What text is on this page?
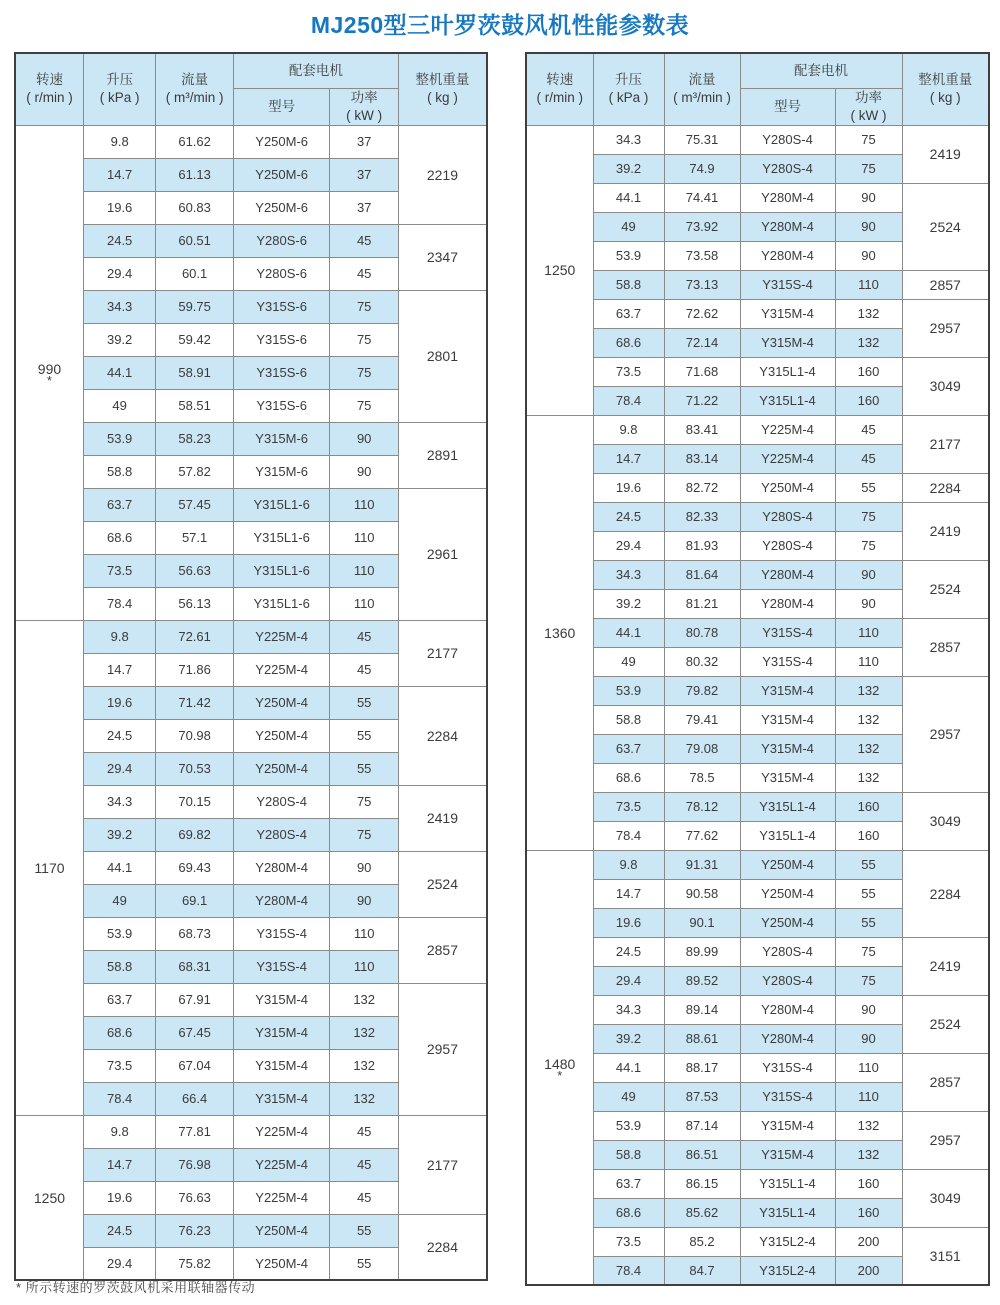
MJ250型三叶罗茨鼓风机性能参数表
转速
( r/min )	升压
( kPa )	流量
( m³/min )	配套电机		整机重量
( kg )

			型号	功率
( kW )	

990
*	9.8	61.62	Y250M-6	37	2219
	14.7	61.13	Y250M-6	37	
	19.6	60.83	Y250M-6	37	
	24.5	60.51	Y280S-6	45	2347
	29.4	60.1	Y280S-6	45	
	34.3	59.75	Y315S-6	75	2801
	39.2	59.42	Y315S-6	75	
	44.1	58.91	Y315S-6	75	
	49	58.51	Y315S-6	75	
	53.9	58.23	Y315M-6	90	2891
	58.8	57.82	Y315M-6	90	
	63.7	57.45	Y315L1-6	110	2961
	68.6	57.1	Y315L1-6	110	
	73.5	56.63	Y315L1-6	110	
	78.4	56.13	Y315L1-6	110	

1170	9.8	72.61	Y225M-4	45	2177
	14.7	71.86	Y225M-4	45	
	19.6	71.42	Y250M-4	55	2284
	24.5	70.98	Y250M-4	55	
	29.4	70.53	Y250M-4	55	
	34.3	70.15	Y280S-4	75	2419
	39.2	69.82	Y280S-4	75	
	44.1	69.43	Y280M-4	90	2524
	49	69.1	Y280M-4	90	
	53.9	68.73	Y315S-4	110	2857
	58.8	68.31	Y315S-4	110	
	63.7	67.91	Y315M-4	132	2957
	68.6	67.45	Y315M-4	132	
	73.5	67.04	Y315M-4	132	
	78.4	66.4	Y315M-4	132	

1250	9.8	77.81	Y225M-4	45	2177
	14.7	76.98	Y225M-4	45	
	19.6	76.63	Y225M-4	45	
	24.5	76.23	Y250M-4	55	2284
	29.4	75.82	Y250M-4	55	
转速
( r/min )	升压
( kPa )	流量
( m³/min )	配套电机		整机重量
( kg )

			型号	功率
( kW )	

1250	34.3	75.31	Y280S-4	75	2419
	39.2	74.9	Y280S-4	75	
	44.1	74.41	Y280M-4	90	2524
	49	73.92	Y280M-4	90	
	53.9	73.58	Y280M-4	90	
	58.8	73.13	Y315S-4	110	2857
	63.7	72.62	Y315M-4	132	2957
	68.6	72.14	Y315M-4	132	
	73.5	71.68	Y315L1-4	160	3049
	78.4	71.22	Y315L1-4	160	

1360	9.8	83.41	Y225M-4	45	2177
	14.7	83.14	Y225M-4	45	
	19.6	82.72	Y250M-4	55	2284
	24.5	82.33	Y280S-4	75	2419
	29.4	81.93	Y280S-4	75	
	34.3	81.64	Y280M-4	90	2524
	39.2	81.21	Y280M-4	90	
	44.1	80.78	Y315S-4	110	2857
	49	80.32	Y315S-4	110	
	53.9	79.82	Y315M-4	132	2957
	58.8	79.41	Y315M-4	132	
	63.7	79.08	Y315M-4	132	
	68.6	78.5	Y315M-4	132	
	73.5	78.12	Y315L1-4	160	3049
	78.4	77.62	Y315L1-4	160	

1480
*	9.8	91.31	Y250M-4	55	2284
	14.7	90.58	Y250M-4	55	
	19.6	90.1	Y250M-4	55	
	24.5	89.99	Y280S-4	75	2419
	29.4	89.52	Y280S-4	75	
	34.3	89.14	Y280M-4	90	2524
	39.2	88.61	Y280M-4	90	
	44.1	88.17	Y315S-4	110	2857
	49	87.53	Y315S-4	110	
	53.9	87.14	Y315M-4	132	2957
	58.8	86.51	Y315M-4	132	
	63.7	86.15	Y315L1-4	160	3049
	68.6	85.62	Y315L1-4	160	
	73.5	85.2	Y315L2-4	200	3151
	78.4	84.7	Y315L2-4	200	
* 所示转速的罗茨鼓风机采用联轴器传动
